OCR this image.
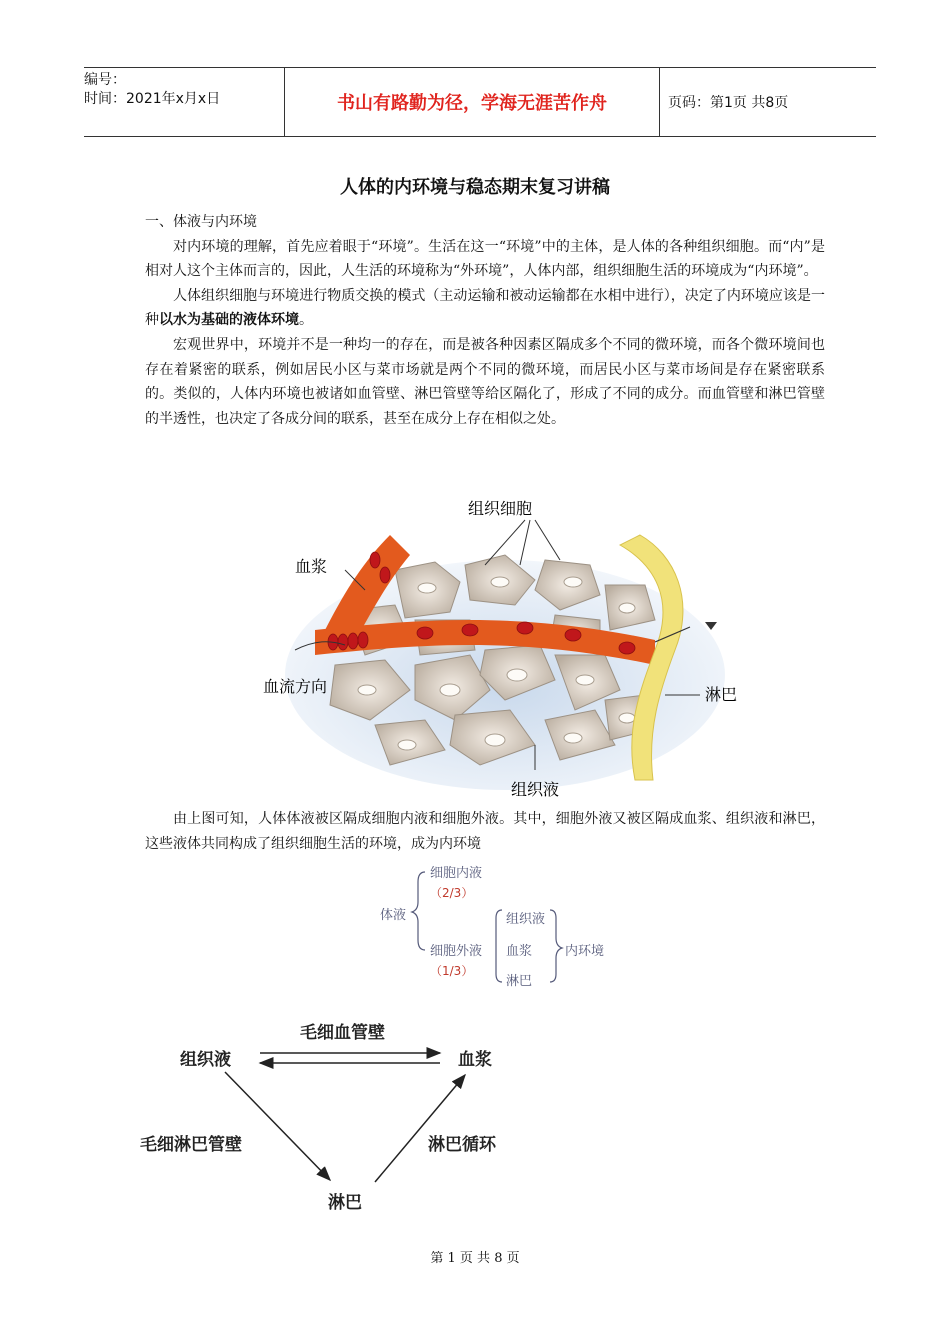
编号：
时间：2021年x月x日	书山有路勤为径，学海无涯苦作舟	页码：第1页 共8页
人体的内环境与稳态期末复习讲稿

一、体液与内环境

对内环境的理解，首先应着眼于“环境”。生活在这一“环境”中的主体，是人体的各种组织细胞。而“内”是相对人这个主体而言的，因此，人生活的环境称为“外环境”，人体内部，组织细胞生活的环境成为“内环境”。

人体组织细胞与环境进行物质交换的模式（主动运输和被动运输都在水相中进行），决定了内环境应该是一种以水为基础的液体环境。

宏观世界中，环境并不是一种均一的存在，而是被各种因素区隔成多个不同的微环境，而各个微环境间也存在着紧密的联系，例如居民小区与菜市场就是两个不同的微环境，而居民小区与菜市场间是存在紧密联系的。类似的，人体内环境也被诸如血管壁、淋巴管壁等给区隔化了，形成了不同的成分。而血管壁和淋巴管壁的半透性，也决定了各成分间的联系，甚至在成分上存在相似之处。

组织细胞
血浆
血流方向	淋巴
组织液

由上图可知，人体体液被区隔成细胞内液和细胞外液。其中，细胞外液又被区隔成血浆、组织液和淋巴，这些液体共同构成了组织细胞生活的环境，成为内环境

体液
细胞内液
（2/3）
细胞外液
（1/3）
组织液
血浆
淋巴
内环境
组织液	血浆
淋巴
毛细血管壁
毛细淋巴管壁	淋巴循环
第 1 页 共 8 页
